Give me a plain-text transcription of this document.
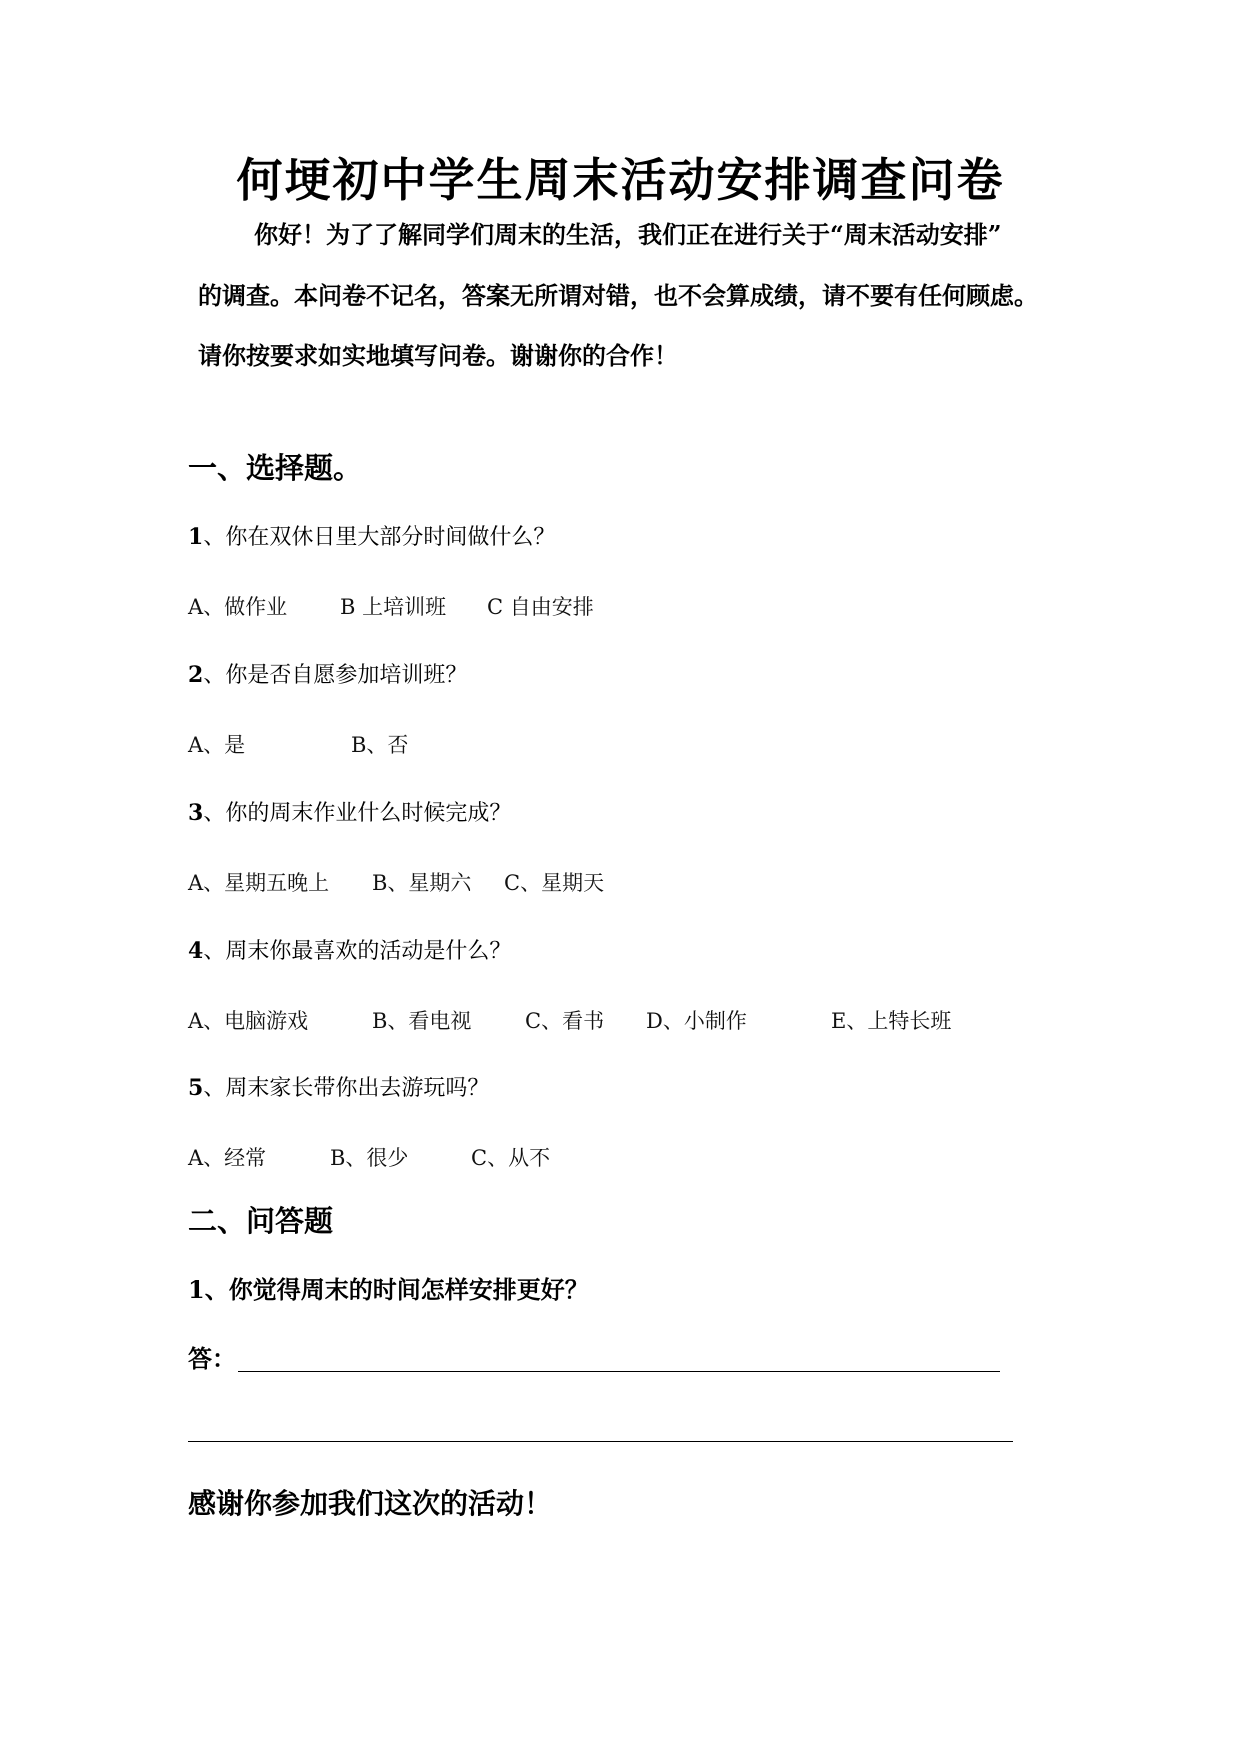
何埂初中学生周末活动安排调查问卷
你好！为了了解同学们周末的生活，我们正在进行关于“周末活动安排”
的调查。本问卷不记名，答案无所谓对错，也不会算成绩，请不要有任何顾虑。
请你按要求如实地填写问卷。谢谢你的合作！
一、选择题。
1、你在双休日里大部分时间做什么？
A、做作业	B 上培训班 C 自由安排
2、你是否自愿参加培训班？
A、是	B、否
3、你的周末作业什么时候完成？
A、星期五晚上 B、星期六 C、星期天
4、周末你最喜欢的活动是什么？
A、电脑游戏	B、看电视	C、看书 D、小制作	E、上特长班
5、周末家长带你出去游玩吗？
A、经常	B、很少	C、从不
二、问答题
1、你觉得周末的时间怎样安排更好？
答：
感谢你参加我们这次的活动！
